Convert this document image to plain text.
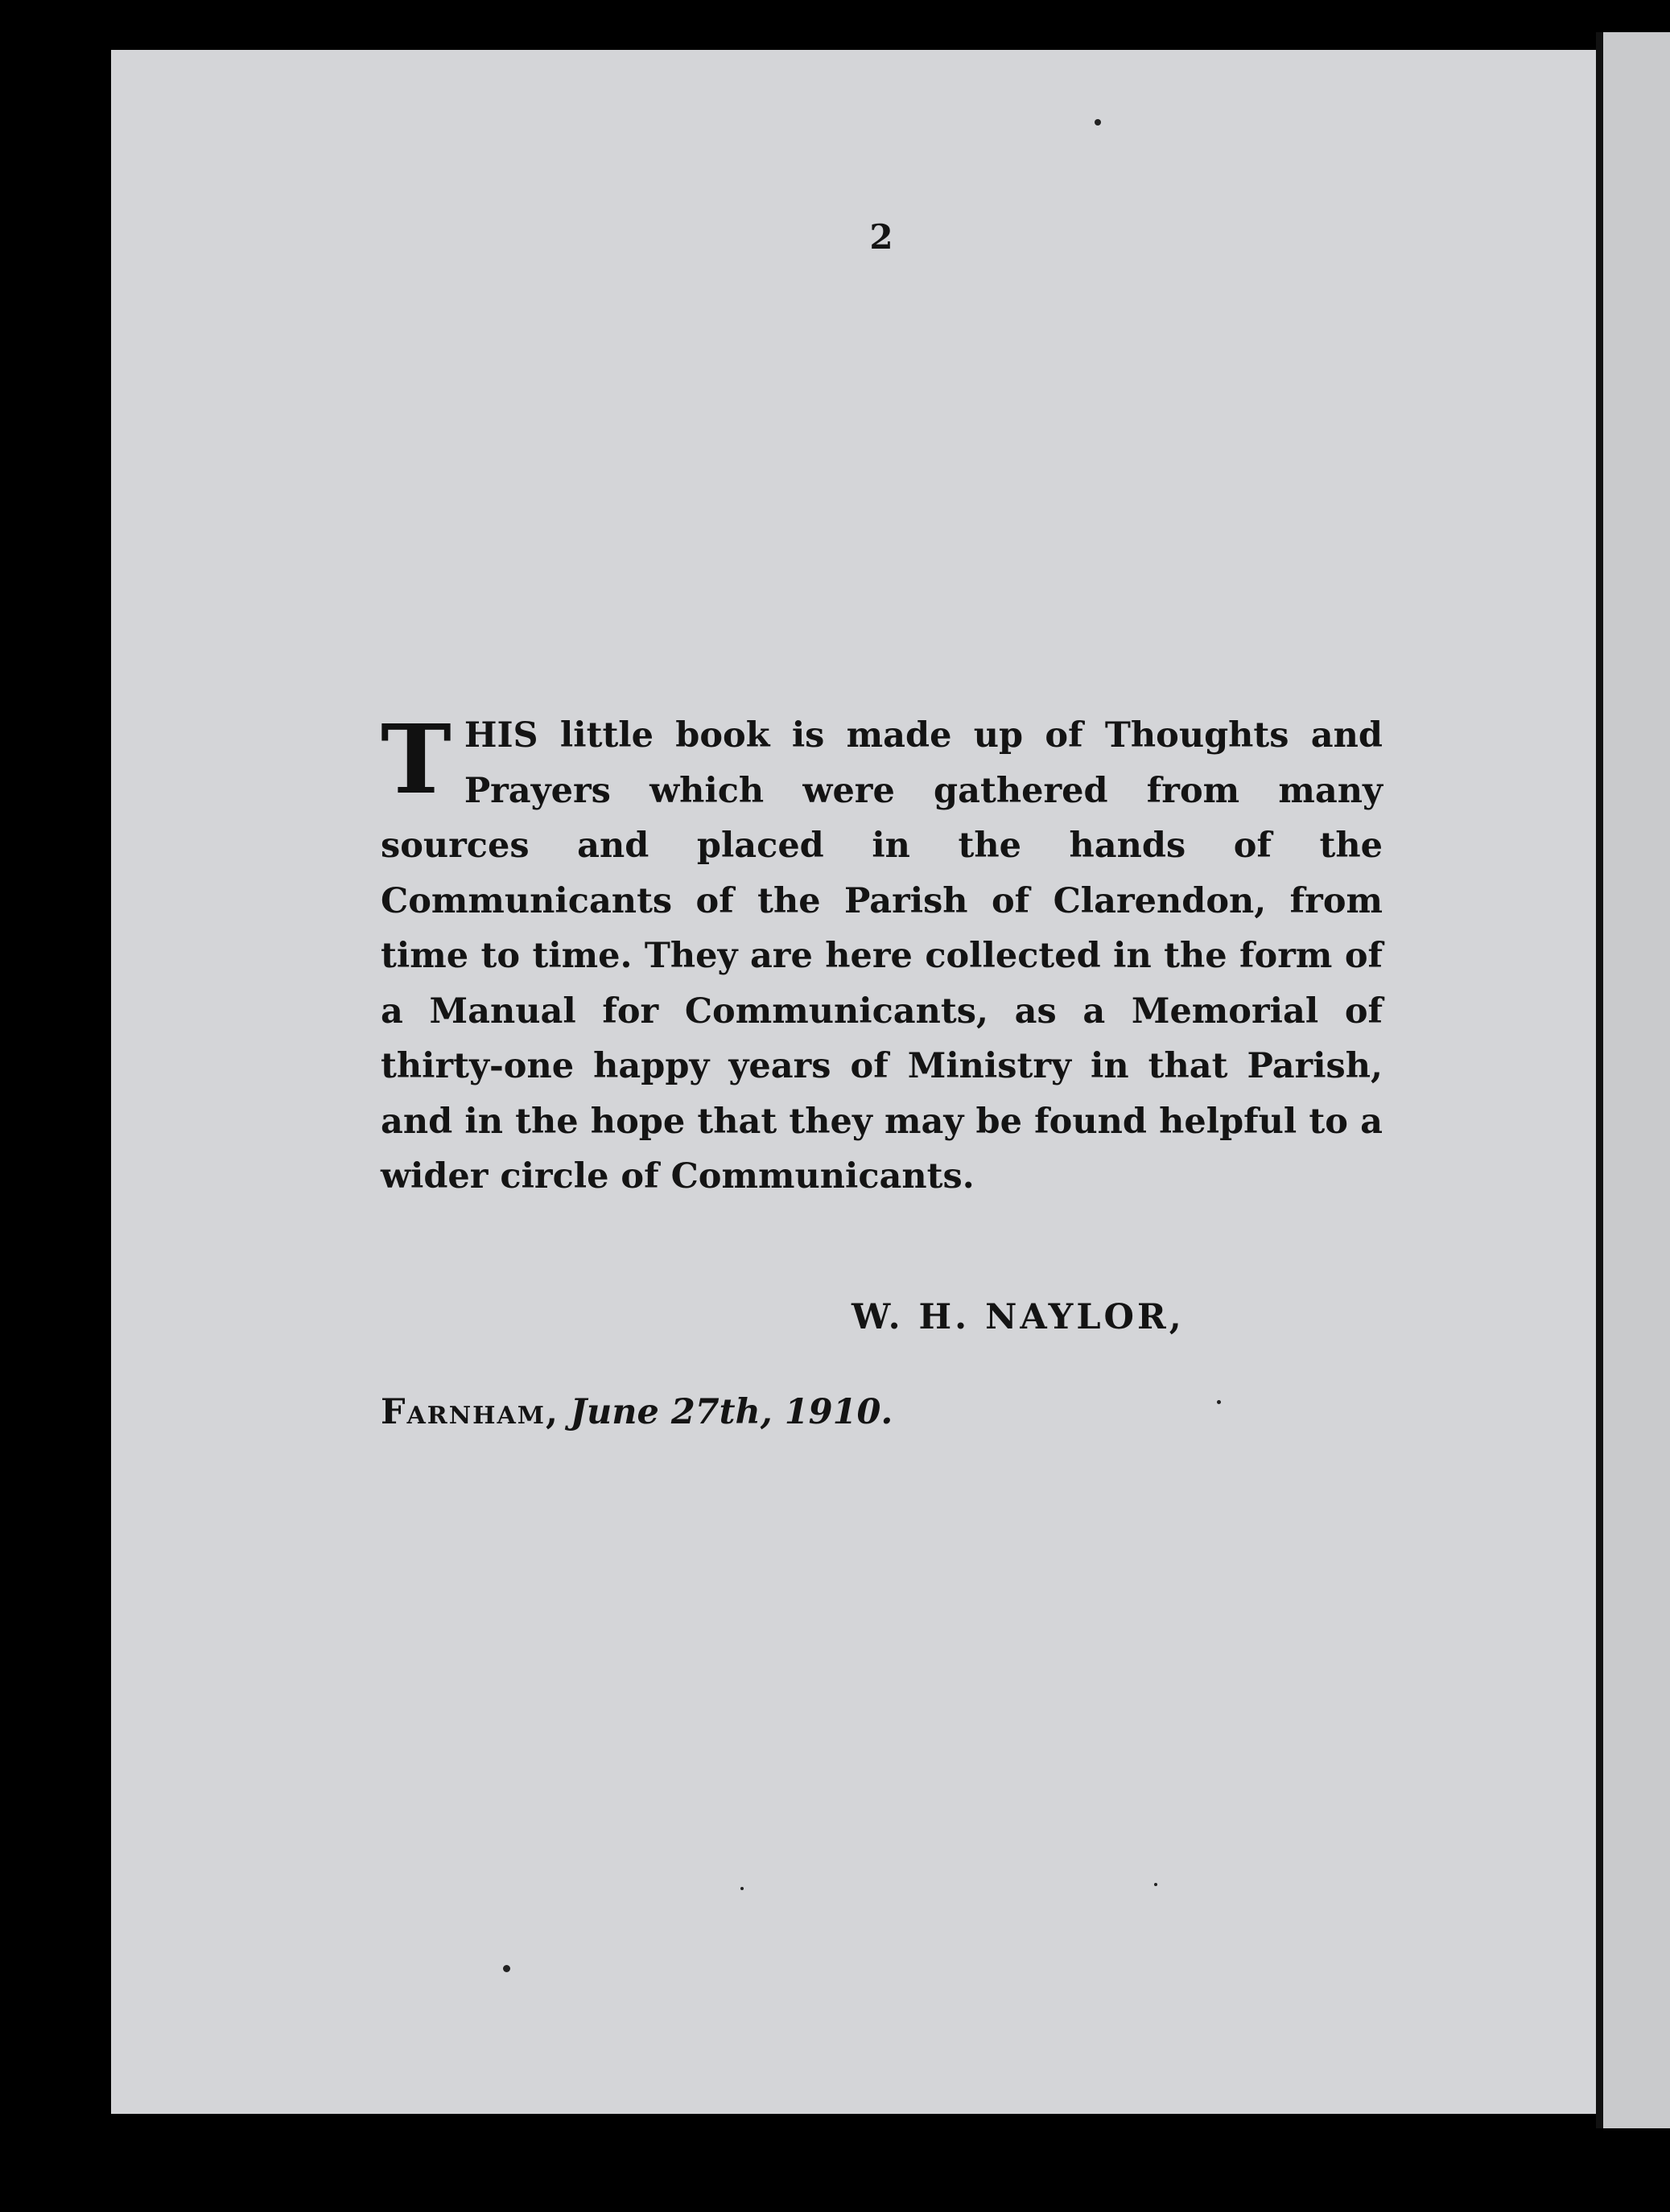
2
T HIS little book is made up of Thoughts and Prayers which were gathered from many sources and placed in the hands of the Communicants of the Parish of Clarendon, from time to time. They are here collected in the form of a Manual for Communicants, as a Memorial of thirty-one happy years of Ministry in that Parish, and in the hope that they may be found helpful to a wider circle of Communicants.
W. H. NAYLOR,
Farnham, June 27th, 1910.
